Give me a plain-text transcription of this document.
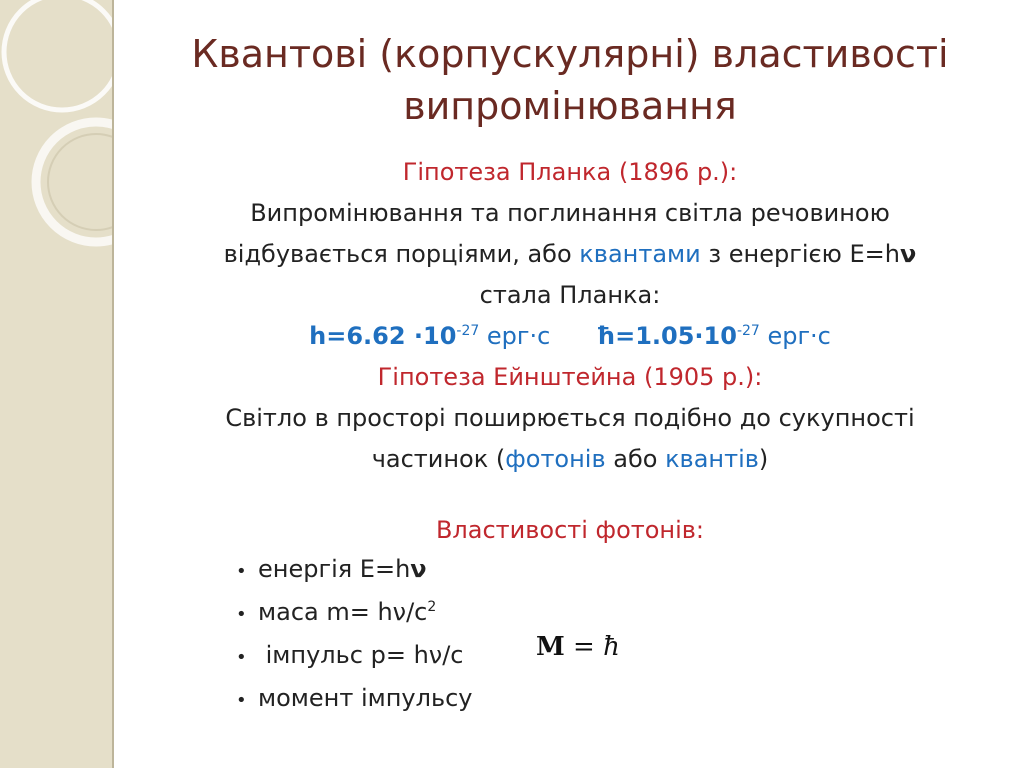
Квантові (корпускулярні) властивості
випромінювання
Гіпотеза Планка (1896 р.):
Випромінювання та поглинання світла речовиною
відбувається порціями, або квантами з енергією Е=hν
стала Планка:
$h=6.62 \cdot 10^{-27}$ ерг·с $ħ=1.05\cdot 10^{-27}$ ерг·с
Гіпотеза Ейнштейна (1905 р.):
Світло в просторі поширюється подібно до сукупності
частинок (фотонів або квантів)
Властивості фотонів:
• енергія E=hν
• маса $m= h\nu/c^2$
• імпульс p= hν/c
• момент імпульсу
M = ħ
